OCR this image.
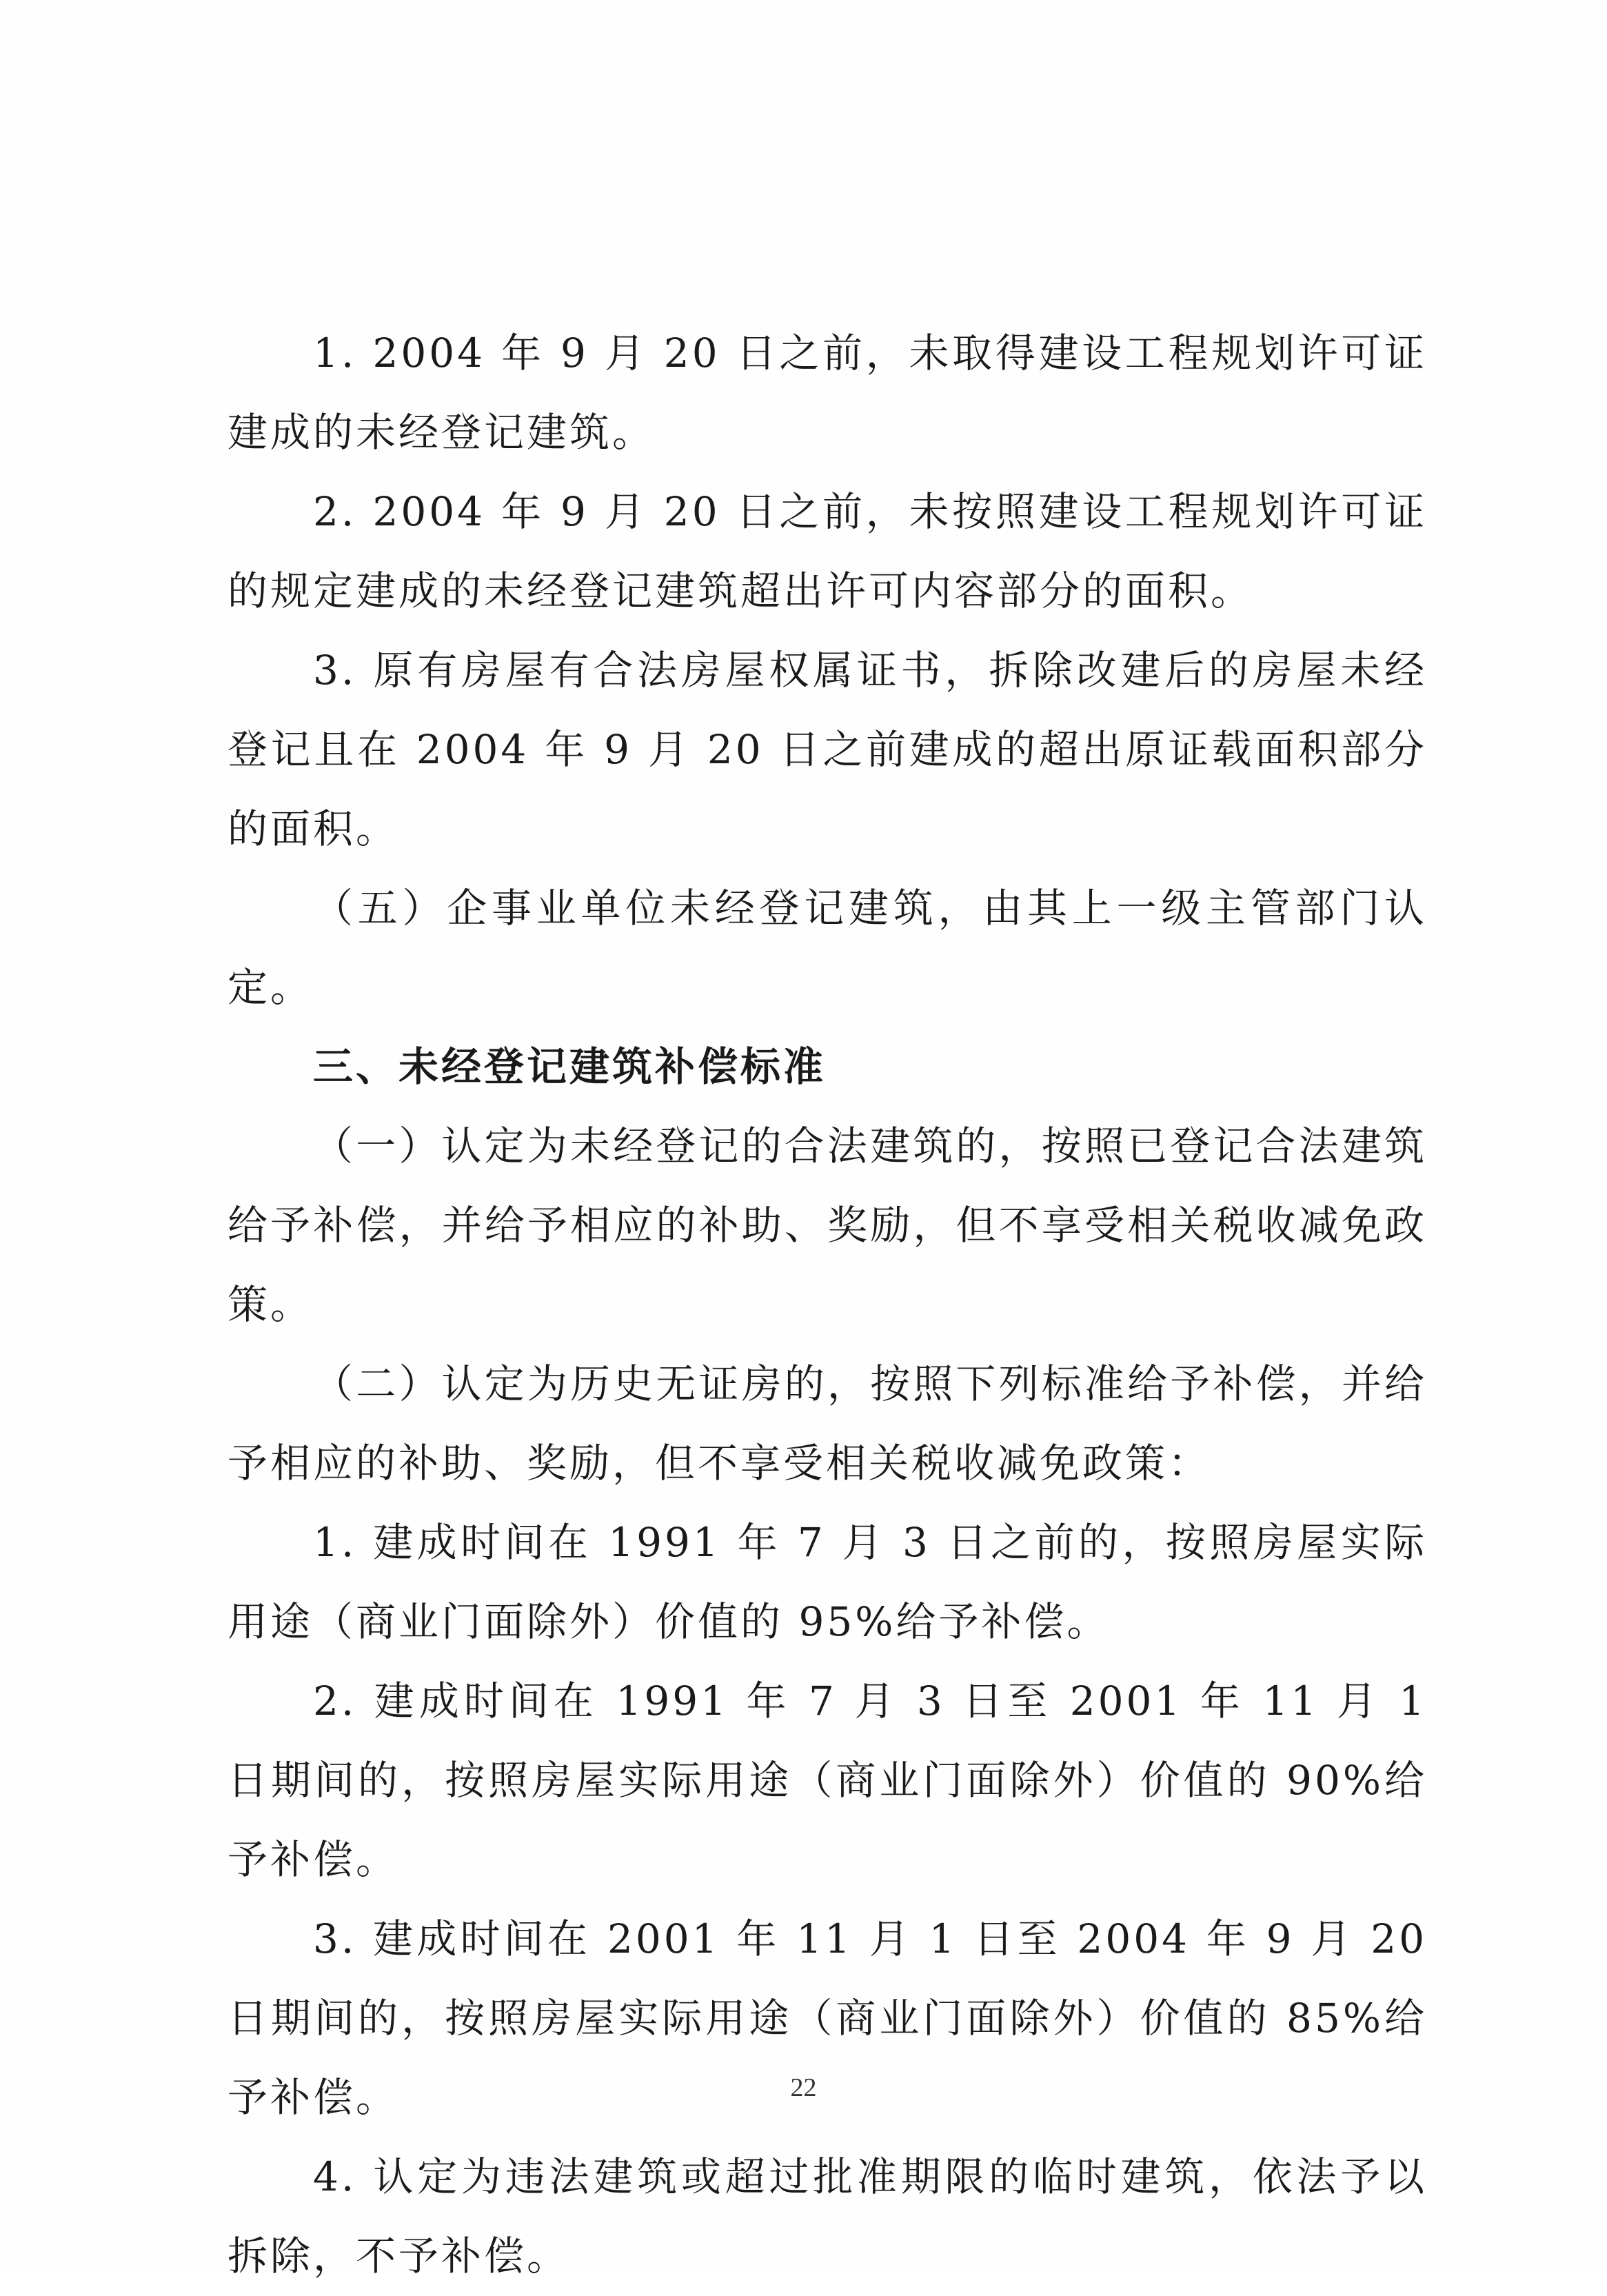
1. 2004 年 9 月 20 日之前，未取得建设工程规划许可证建成的未经登记建筑。

2. 2004 年 9 月 20 日之前，未按照建设工程规划许可证的规定建成的未经登记建筑超出许可内容部分的面积。

3. 原有房屋有合法房屋权属证书，拆除改建后的房屋未经登记且在 2004 年 9 月 20 日之前建成的超出原证载面积部分的面积。

（五）企事业单位未经登记建筑，由其上一级主管部门认定。

三、未经登记建筑补偿标准

（一）认定为未经登记的合法建筑的，按照已登记合法建筑给予补偿，并给予相应的补助、奖励，但不享受相关税收减免政策。

（二）认定为历史无证房的，按照下列标准给予补偿，并给予相应的补助、奖励，但不享受相关税收减免政策：

1. 建成时间在 1991 年 7 月 3 日之前的，按照房屋实际用途（商业门面除外）价值的 95%给予补偿。

2. 建成时间在 1991 年 7 月 3 日至 2001 年 11 月 1 日期间的，按照房屋实际用途（商业门面除外）价值的 90%给予补偿。

3. 建成时间在 2001 年 11 月 1 日至 2004 年 9 月 20 日期间的，按照房屋实际用途（商业门面除外）价值的 85%给予补偿。

4. 认定为违法建筑或超过批准期限的临时建筑，依法予以拆除，不予补偿。

22
